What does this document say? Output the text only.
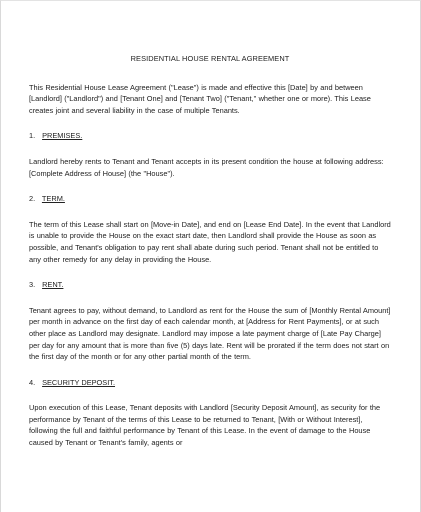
RESIDENTIAL HOUSE RENTAL AGREEMENT
This Residential House Lease Agreement ("Lease") is made and effective this [Date] by and between [Landlord] ("Landlord") and [Tenant One] and [Tenant Two] ("Tenant," whether one or more). This Lease creates joint and several liability in the case of multiple Tenants.
1. PREMISES.
Landlord hereby rents to Tenant and Tenant accepts in its present condition the house at following address: [Complete Address of House] (the "House").
2. TERM.
The term of this Lease shall start on [Move-in Date], and end on [Lease End Date]. In the event that Landlord is unable to provide the House on the exact start date, then Landlord shall provide the House as soon as possible, and Tenant's obligation to pay rent shall abate during such period. Tenant shall not be entitled to any other remedy for any delay in providing the House.
3. RENT.
Tenant agrees to pay, without demand, to Landlord as rent for the House the sum of [Monthly Rental Amount] per month in advance on the first day of each calendar month, at [Address for Rent Payments], or at such other place as Landlord may designate. Landlord may impose a late payment charge of [Late Pay Charge] per day for any amount that is more than five (5) days late. Rent will be prorated if the term does not start on the first day of the month or for any other partial month of the term.
4. SECURITY DEPOSIT.
Upon execution of this Lease, Tenant deposits with Landlord [Security Deposit Amount], as security for the performance by Tenant of the terms of this Lease to be returned to Tenant, [With or Without Interest], following the full and faithful performance by Tenant of this Lease. In the event of damage to the House caused by Tenant or Tenant's family, agents or
